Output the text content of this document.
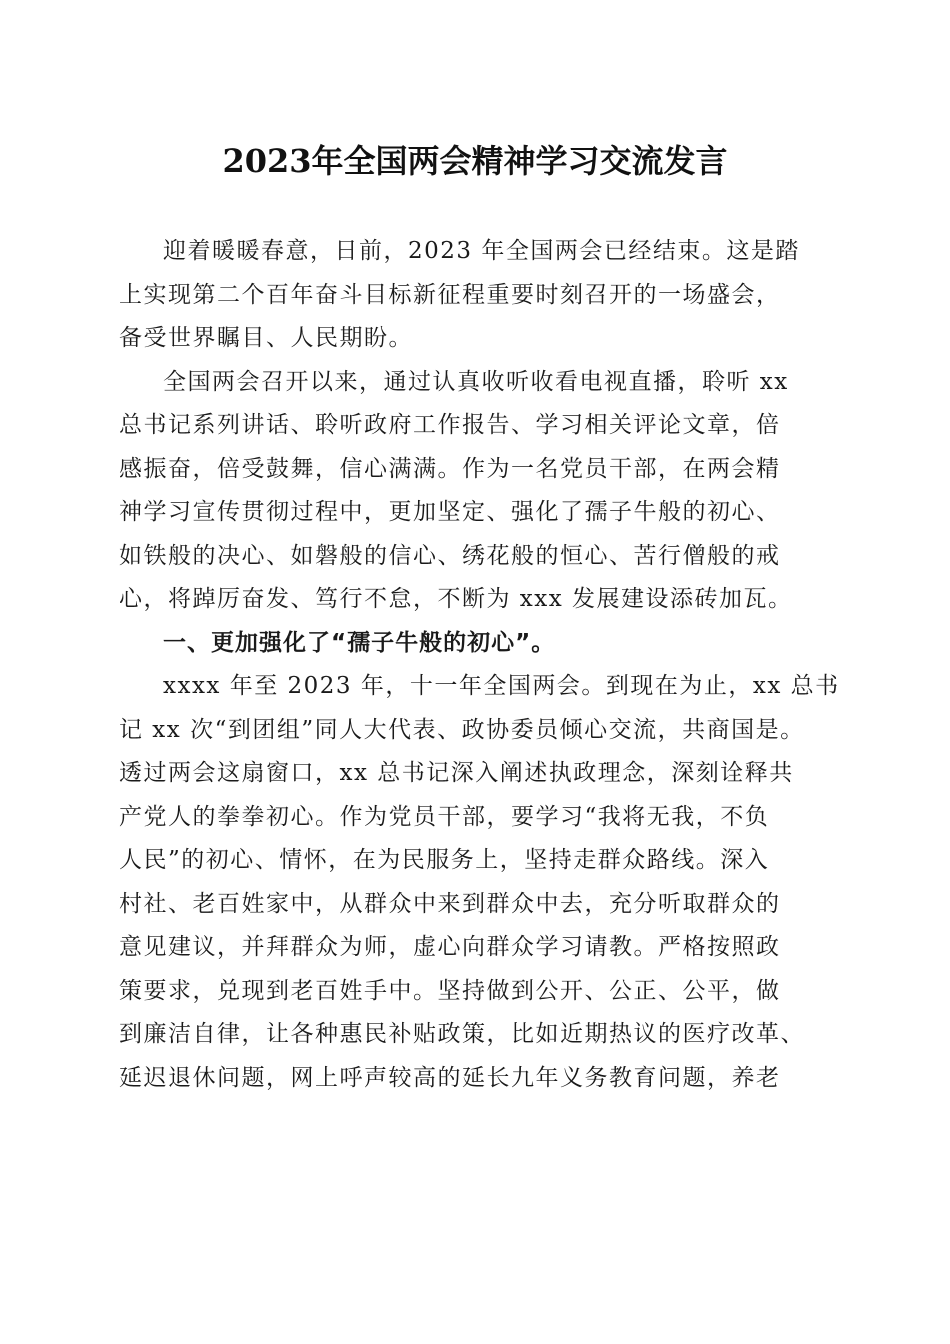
2023年全国两会精神学习交流发言
迎着暖暖春意，日前，2023 年全国两会已经结束。这是踏
上实现第二个百年奋斗目标新征程重要时刻召开的一场盛会，
备受世界瞩目、人民期盼。
全国两会召开以来，通过认真收听收看电视直播，聆听 xx
总书记系列讲话、聆听政府工作报告、学习相关评论文章，倍
感振奋，倍受鼓舞，信心满满。作为一名党员干部，在两会精
神学习宣传贯彻过程中，更加坚定、强化了孺子牛般的初心、
如铁般的决心、如磐般的信心、绣花般的恒心、苦行僧般的戒
心，将踔厉奋发、笃行不怠，不断为 xxx 发展建设添砖加瓦。
一、更加强化了“孺子牛般的初心”。
xxxx 年至 2023 年，十一年全国两会。到现在为止，xx 总书
记 xx 次“到团组”同人大代表、政协委员倾心交流，共商国是。
透过两会这扇窗口，xx 总书记深入阐述执政理念，深刻诠释共
产党人的拳拳初心。作为党员干部，要学习“我将无我，不负
人民”的初心、情怀，在为民服务上，坚持走群众路线。深入
村社、老百姓家中，从群众中来到群众中去，充分听取群众的
意见建议，并拜群众为师，虚心向群众学习请教。严格按照政
策要求，兑现到老百姓手中。坚持做到公开、公正、公平，做
到廉洁自律，让各种惠民补贴政策，比如近期热议的医疗改革、
延迟退休问题，网上呼声较高的延长九年义务教育问题，养老
